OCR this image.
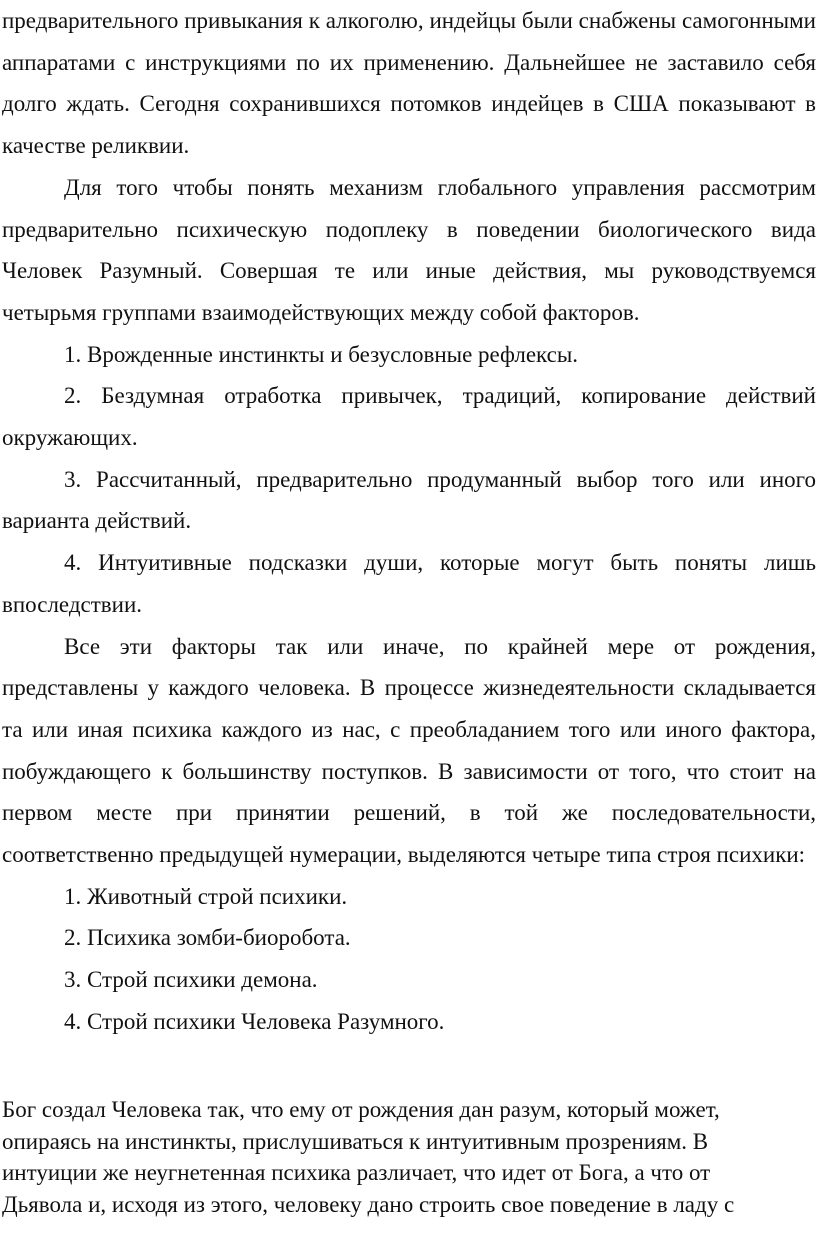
предварительного привыкания к алкоголю, индейцы были снабжены самогонными аппаратами с инструкциями по их применению. Дальнейшее не заставило себя долго ждать. Сегодня сохранившихся потомков индейцев в США показывают в качестве реликвии.

Для того чтобы понять механизм глобального управления рассмотрим предварительно психическую подоплеку в поведении биологического вида Человек Разумный. Совершая те или иные действия, мы руководствуемся четырьмя группами взаимодействующих между собой факторов.

1. Врожденные инстинкты и безусловные рефлексы.

2. Бездумная отработка привычек, традиций, копирование действий окружающих.

3. Рассчитанный, предварительно продуманный выбор того или иного варианта действий.

4. Интуитивные подсказки души, которые могут быть поняты лишь впоследствии.

Все эти факторы так или иначе, по крайней мере от рождения, представлены у каждого человека. В процессе жизнедеятельности складывается та или иная психика каждого из нас, с преобладанием того или иного фактора, побуждающего к большинству поступков. В зависимости от того, что стоит на первом месте при принятии решений, в той же последовательности, соответственно предыдущей нумерации, выделяются четыре типа строя психики:

1. Животный строй психики.

2. Психика зомби-биоробота.

3. Строй психики демона.

4. Строй психики Человека Разумного.

Бог создал Человека так, что ему от рождения дан разум, который может,
опираясь на инстинкты, прислушиваться к интуитивным прозрениям. В
интуиции же неугнетенная психика различает, что идет от Бога, а что от
Дьявола и, исходя из этого, человеку дано строить свое поведение в ладу с
